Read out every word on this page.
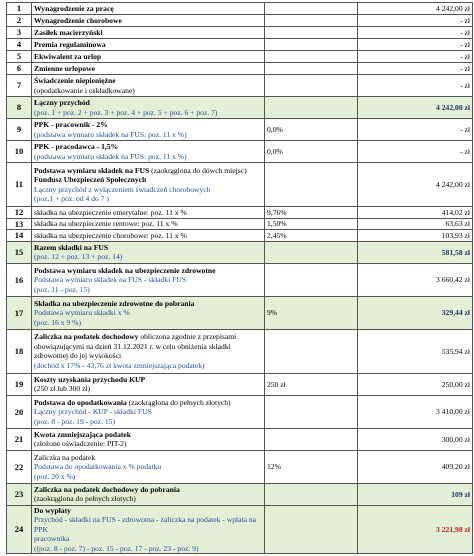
1	Wynagrodzenie za pracę		4 242,00 zł
2	Wynagrodzenie chorobowe		- zł
3	Zasiłek macierzyński		- zł
4	Premia regulaminowa		- zł
5	Ekwiwalent za urlop		- zł
6	Zmienne urlopowe		- zł
7	Świadczenie niepieniężne
(opodatkowanie i oskładkowane)		- zł
8	Łączny przychód
(poz. 1 + poz. 2 + poz. 3 + poz. 4 + poz. 5 + poz. 6 + poz. 7)		4 242,00 zł
9	PPK - pracownik - 2%
(podstawa wymiaru składek na FUS: poz. 11 x %)	0,0%	- zł
10	PPK - pracodawca - 1,5%
(podstawa wymiaru składek na FUS: poz. 11 x %)	0,0%	- zł
11	Podstawa wymiaru składek na FUS (zaokrąglona do dówch miejsc)
Fundusz Ubezpieczeń Społecznych
Łączny przychód z wyłączeniem świadczeń chorobowych
(poz.1 + poz. od 4 do 7 )		4 242,00 zł
12	składka na ubezpieczenie emerytalne: poz. 11 x %	9,76%	414,02 zł
13	składka na ubezpieczenie rentowe: poz. 11 x %	1,50%	63,63 zł
14	składka na ubezpieczenie chorobowe: poz. 11 x %	2,45%	103,93 zł
15	Razem składki na FUS
(poz. 12 + poz. 13 + poz. 14)		581,58 zł
16	Podstawa wymiaru składek na ubezpieczenie zdrowotne
Podstawa wymiaru składek na FUS - składki FUS
(poz. 11 - poz. 15)		3 660,42 zł
17	Składka na ubezpieczenie zdrowotne do pobrania
Podstawa wymiaru składki x %
(poz. 16 x 9 %)	9%	329,44 zł
18	Zaliczka na podatek dochodowy obliczona zgodnie z przepisami
obowiązującymi na dzień 31.12.2021 r. w celu obniżenia składki
zdrowotnej do jej wysokości
(dochód x 17% - 43,76 zł kwota zmniejszająca podatek)		535,94 zł
19	Koszty uzyskania przychodu KUP
(250 zł lub 300 zł)	250 zł	250,00 zł
20	Podstawa do opodatkowania (zaokrąglona do pełnych złotych)
Łączny przychód - KUP - składki FUS
(poz. 8 - poz. 19 - poz. 15)		3 410,00 zł
21	Kwota zmniejszająca podatek
(złożone oświadczenie: PIT-2)		300,00 zł
22	Zaliczka na podatek
Podstawa do opodatkowania x % podatku
(poz. 20 x %)	12%	409,20 zł
23	Zaliczka na podatek dochodowy do pobrania
(zaokrąglona do pełnych złotych)		109 zł
24	Do wypłaty
Przychód - składki na FUS - zdrowotna - zaliczka na podatek - wpłata na PPK
pracownika
((poz. 8 - poz. 7) - poz. 15 - poz. 17 - poz. 23 - poz. 9)		3 221,98 zł
